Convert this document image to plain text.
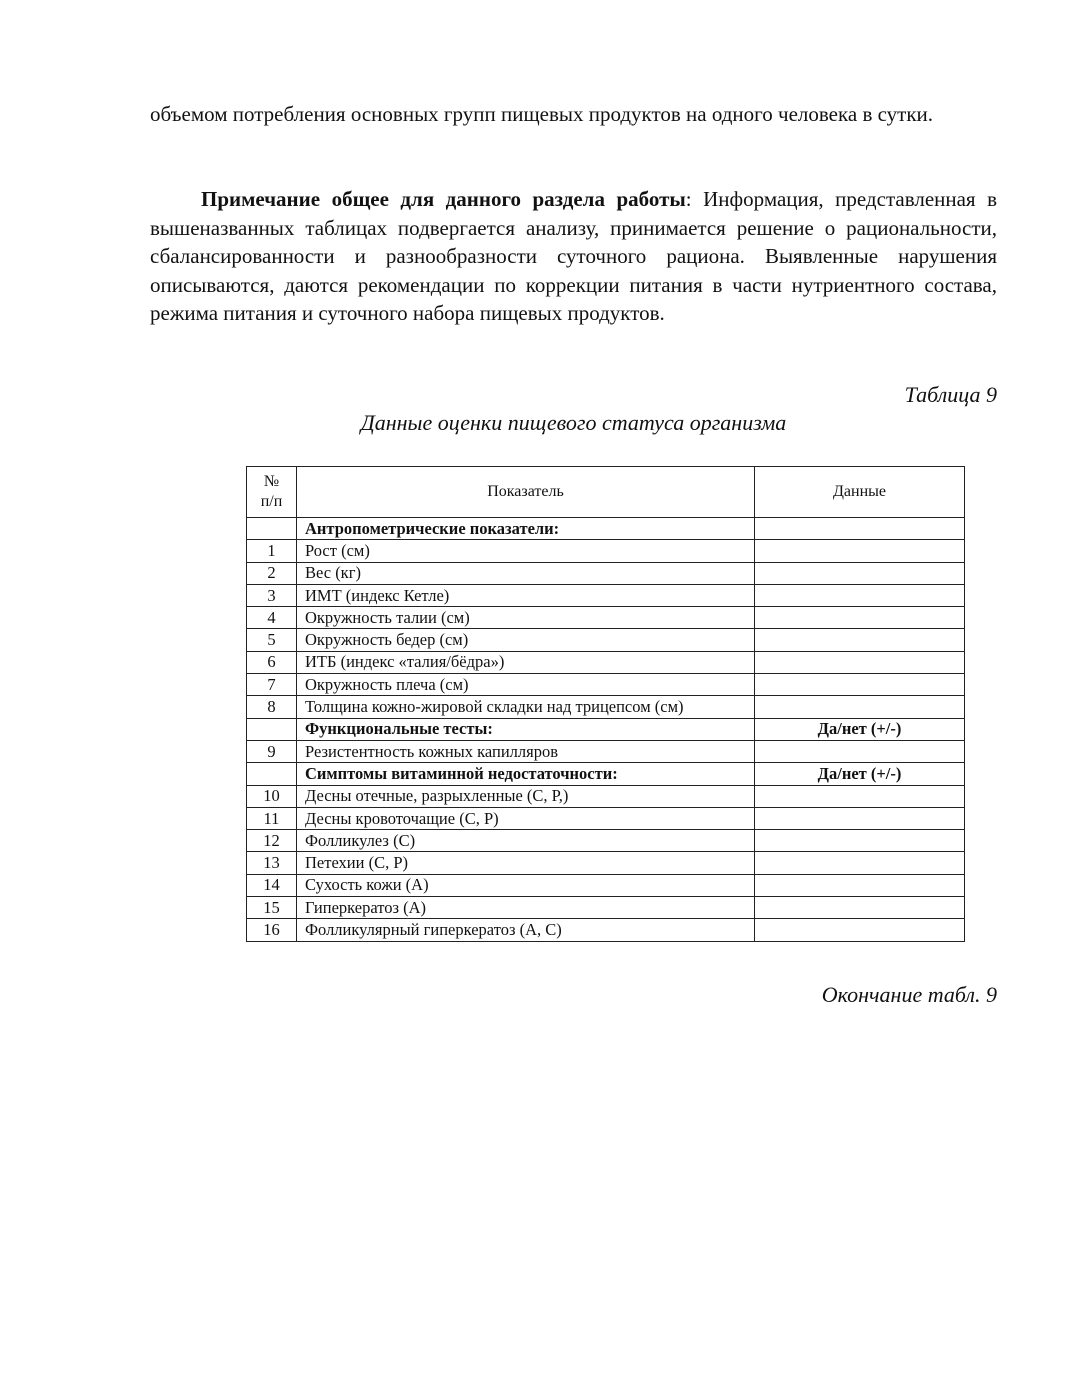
объемом потребления основных групп пищевых продуктов на одного человека в сутки.

Примечание общее для данного раздела работы: Информация, представленная в вышеназванных таблицах подвергается анализу, принимается решение о рациональности, сбалансированности и разнообразности суточного рациона. Выявленные нарушения описываются, даются рекомендации по коррекции питания в части нутриентного состава, режима питания и суточного набора пищевых продуктов.

Таблица 9

Данные оценки пищевого статуса организма

№
п/п	Показатель	Данные
	Антропометрические показатели:	
1	Рост (см)	
2	Вес (кг)	
3	ИМТ (индекс Кетле)	
4	Окружность талии (см)	
5	Окружность бедер (см)	
6	ИТБ (индекс «талия/бёдра»)	
7	Окружность плеча (см)	
8	Толщина кожно-жировой складки над трицепсом (см)	
	Функциональные тесты:	Да/нет (+/-)
9	Резистентность кожных капилляров	
	Симптомы витаминной недостаточности:	Да/нет (+/-)
10	Десны отечные, разрыхленные (С, Р,)	
11	Десны кровоточащие (С, Р)	
12	Фолликулез (С)	
13	Петехии (С, Р)	
14	Сухость кожи (А)	
15	Гиперкератоз (А)	
16	Фолликулярный гиперкератоз (А, С)	

Окончание табл. 9
